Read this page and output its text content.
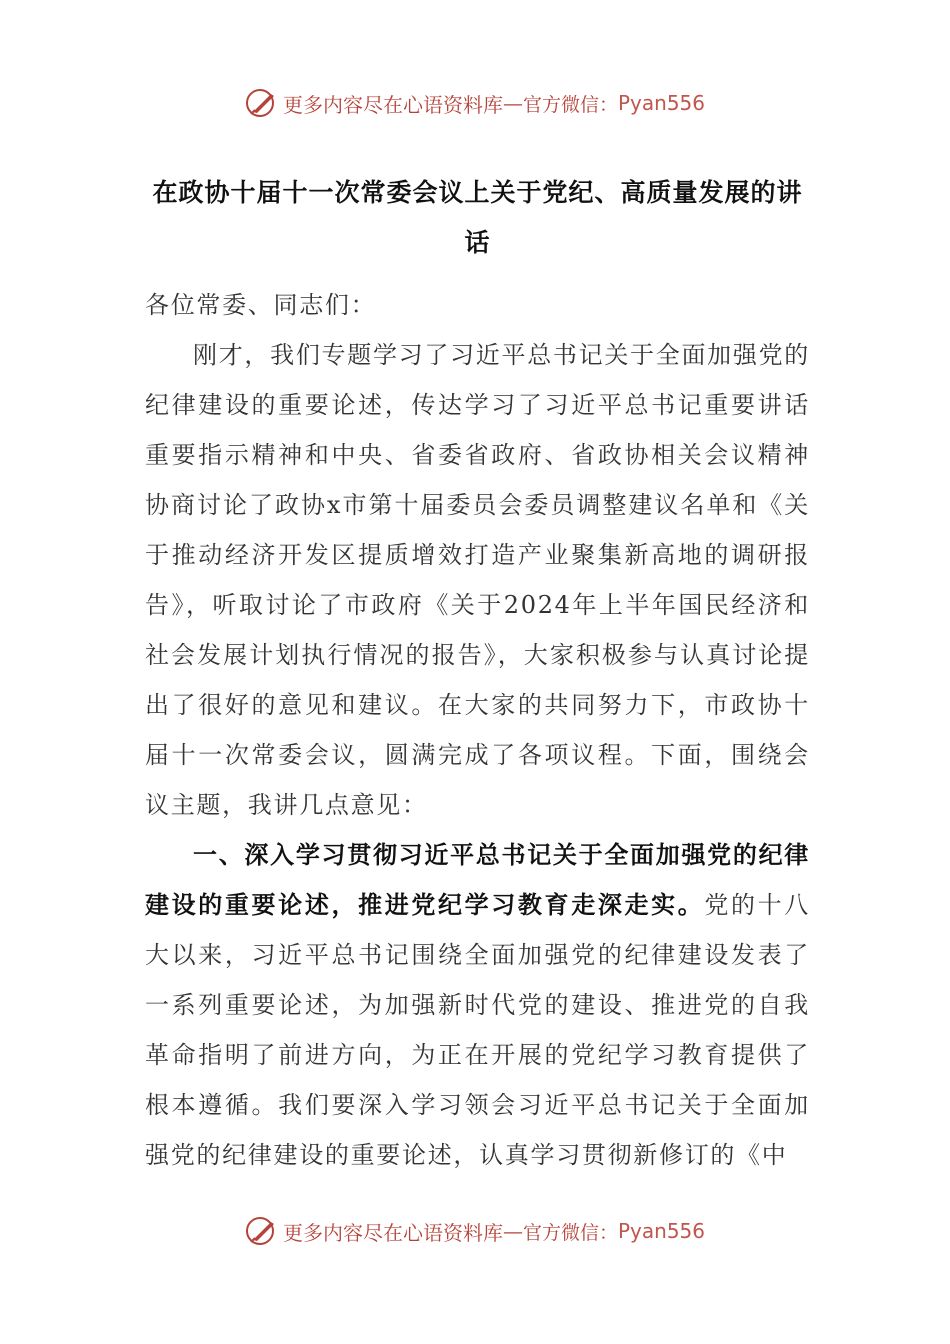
更多内容尽在心语资料库 — 官方微信： Pyan556
在政协十届十一次常委会议上关于党纪、高质量发展的讲话

各位常委、同志们：

刚才，我们专题学习了习近平总书记关于全面加强党的纪律建设的重要论述，传达学习了习近平总书记重要讲话重要指示精神和中央、省委省政府、省政协相关会议精神协商讨论了政协x市第十届委员会委员调整建议名单和《关于推动经济开发区提质增效打造产业聚集新高地的调研报告》，听取讨论了市政府《关于2024年上半年国民经济和社会发展计划执行情况的报告》，大家积极参与认真讨论提出了很好的意见和建议。在大家的共同努力下，市政协十届十一次常委会议，圆满完成了各项议程。下面，围绕会议主题，我讲几点意见：

一、深入学习贯彻习近平总书记关于全面加强党的纪律建设的重要论述，推进党纪学习教育走深走实。党的十八大以来，习近平总书记围绕全面加强党的纪律建设发表了一系列重要论述，为加强新时代党的建设、推进党的自我革命指明了前进方向，为正在开展的党纪学习教育提供了根本遵循。我们要深入学习领会习近平总书记关于全面加强党的纪律建设的重要论述，认真学习贯彻新修订的《中

更多内容尽在心语资料库 — 官方微信： Pyan556
